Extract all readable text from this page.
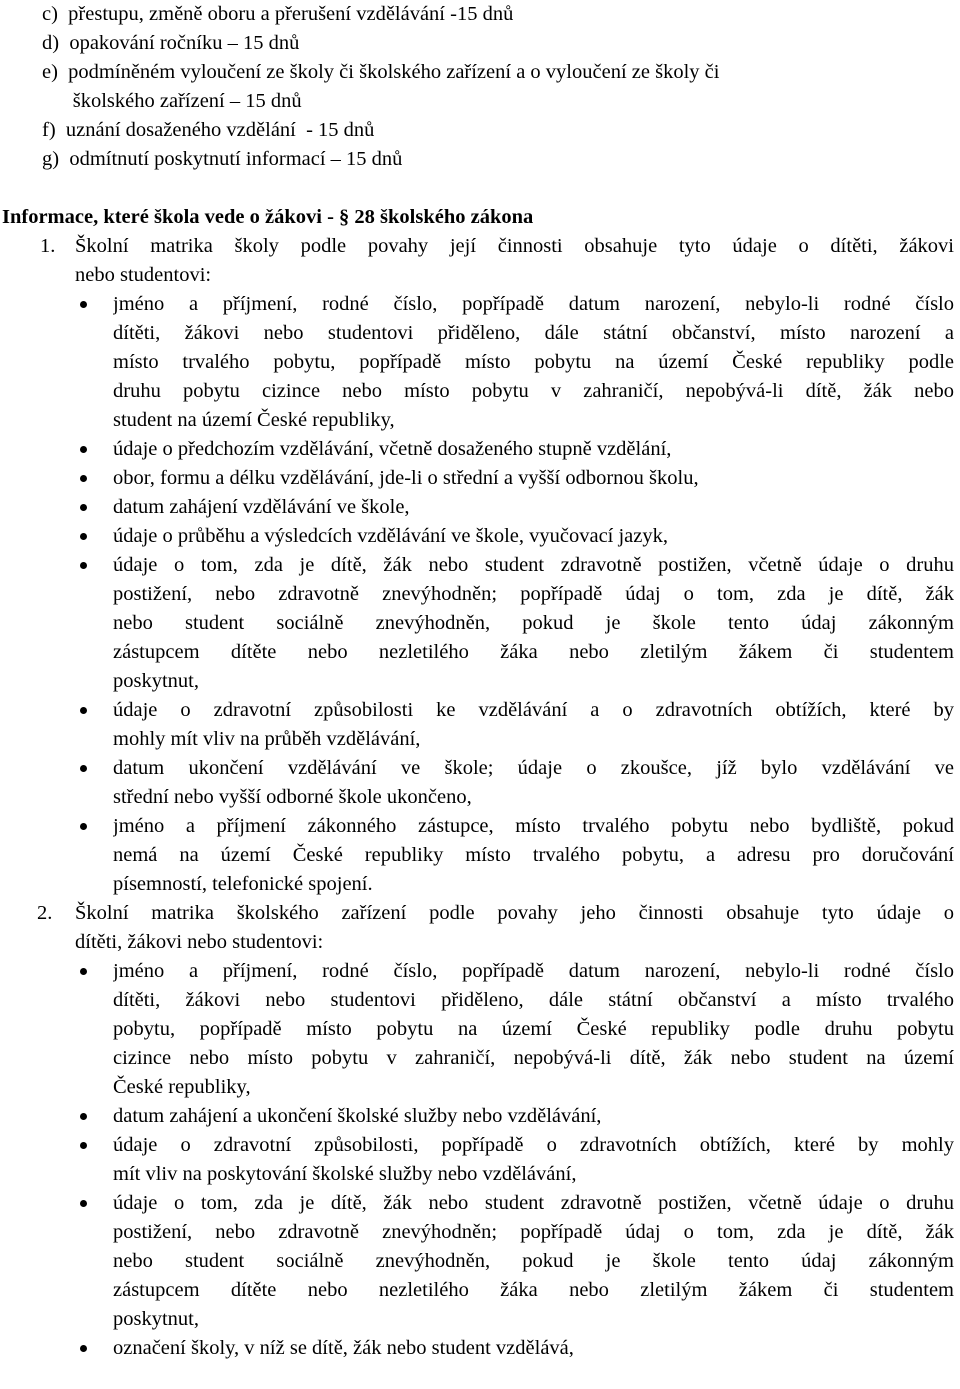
c)  přestupu, změně oboru a přerušení vzdělávání -15 dnů
d)  opakování ročníku – 15 dnů
e)  podmíněném vyloučení ze školy či školského zařízení a o vyloučení ze školy či
školského zařízení – 15 dnů
f)  uznání dosaženého vzdělání  - 15 dnů
g)  odmítnutí poskytnutí informací – 15 dnů
Informace, které škola vede o žákovi - § 28 školského zákona
1. Školní matrika školy podle povahy její činnosti obsahuje tyto údaje o dítěti, žákovi
nebo studentovi:
jméno a příjmení, rodné číslo, popřípadě datum narození, nebylo-li rodné číslo
dítěti, žákovi nebo studentovi přiděleno, dále státní občanství, místo narození a
místo trvalého pobytu, popřípadě místo pobytu na území České republiky podle
druhu pobytu cizince nebo místo pobytu v zahraničí, nepobývá-li dítě, žák nebo
student na území České republiky,
údaje o předchozím vzdělávání, včetně dosaženého stupně vzdělání,
obor, formu a délku vzdělávání, jde-li o střední a vyšší odbornou školu,
datum zahájení vzdělávání ve škole,
údaje o průběhu a výsledcích vzdělávání ve škole, vyučovací jazyk,
údaje o tom, zda je dítě, žák nebo student zdravotně postižen, včetně údaje o druhu
postižení, nebo zdravotně znevýhodněn; popřípadě údaj o tom, zda je dítě, žák
nebo student sociálně znevýhodněn, pokud je škole tento údaj zákonným
zástupcem dítěte nebo nezletilého žáka nebo zletilým žákem či studentem
poskytnut,
údaje o zdravotní způsobilosti ke vzdělávání a o zdravotních obtížích, které by
mohly mít vliv na průběh vzdělávání,
datum ukončení vzdělávání ve škole; údaje o zkoušce, jíž bylo vzdělávání ve
střední nebo vyšší odborné škole ukončeno,
jméno a příjmení zákonného zástupce, místo trvalého pobytu nebo bydliště, pokud
nemá na území České republiky místo trvalého pobytu, a adresu pro doručování
písemností, telefonické spojení.
2. Školní matrika školského zařízení podle povahy jeho činnosti obsahuje tyto údaje o
dítěti, žákovi nebo studentovi:
jméno a příjmení, rodné číslo, popřípadě datum narození, nebylo-li rodné číslo
dítěti, žákovi nebo studentovi přiděleno, dále státní občanství a místo trvalého
pobytu, popřípadě místo pobytu na území České republiky podle druhu pobytu
cizince nebo místo pobytu v zahraničí, nepobývá-li dítě, žák nebo student na území
České republiky,
datum zahájení a ukončení školské služby nebo vzdělávání,
údaje o zdravotní způsobilosti, popřípadě o zdravotních obtížích, které by mohly
mít vliv na poskytování školské služby nebo vzdělávání,
údaje o tom, zda je dítě, žák nebo student zdravotně postižen, včetně údaje o druhu
postižení, nebo zdravotně znevýhodněn; popřípadě údaj o tom, zda je dítě, žák
nebo student sociálně znevýhodněn, pokud je škole tento údaj zákonným
zástupcem dítěte nebo nezletilého žáka nebo zletilým žákem či studentem
poskytnut,
označení školy, v níž se dítě, žák nebo student vzdělává,
